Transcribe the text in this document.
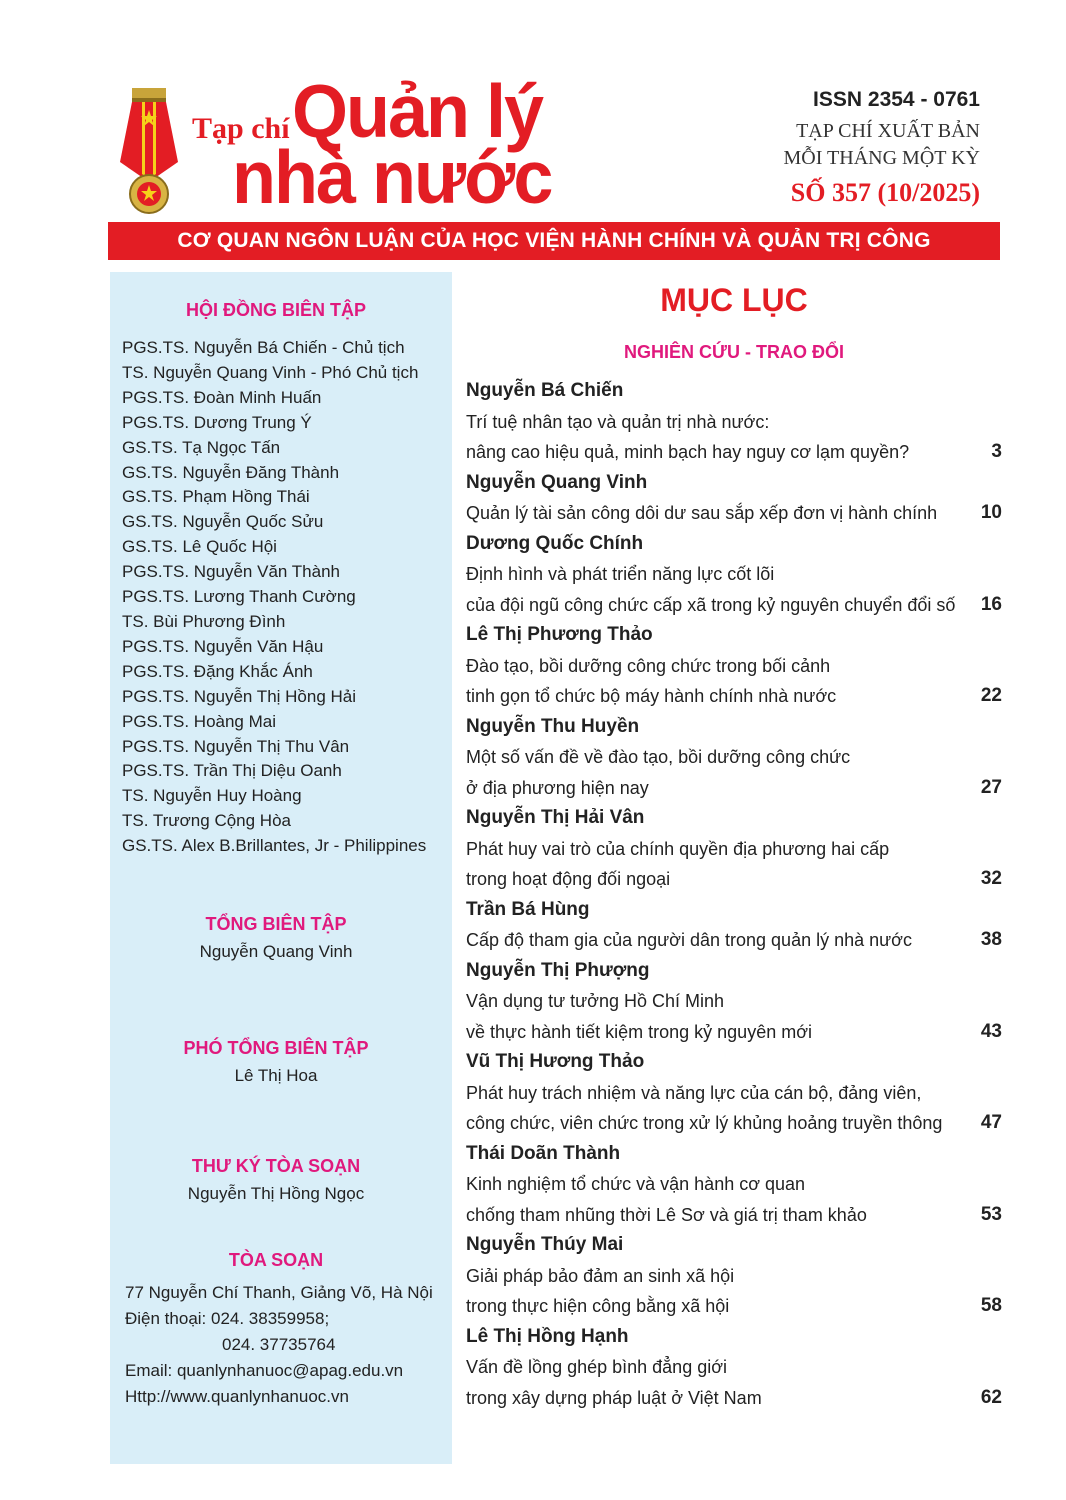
Tạp chí Quản lý
nhà nước
ISSN 2354 - 0761
TẠP CHÍ XUẤT BẢN
MỖI THÁNG MỘT KỲ
SỐ 357 (10/2025)
CƠ QUAN NGÔN LUẬN CỦA HỌC VIỆN HÀNH CHÍNH VÀ QUẢN TRỊ CÔNG
HỘI ĐỒNG BIÊN TẬP
PGS.TS. Nguyễn Bá Chiến - Chủ tịch
TS. Nguyễn Quang Vinh - Phó Chủ tịch
PGS.TS. Đoàn Minh Huấn
PGS.TS. Dương Trung Ý
GS.TS. Tạ Ngọc Tấn
GS.TS. Nguyễn Đăng Thành
GS.TS. Phạm Hồng Thái
GS.TS. Nguyễn Quốc Sửu
GS.TS. Lê Quốc Hội
PGS.TS. Nguyễn Văn Thành
PGS.TS. Lương Thanh Cường
TS. Bùi Phương Đình
PGS.TS. Nguyễn Văn Hậu
PGS.TS. Đặng Khắc Ánh
PGS.TS. Nguyễn Thị Hồng Hải
PGS.TS. Hoàng Mai
PGS.TS. Nguyễn Thị Thu Vân
PGS.TS. Trần Thị Diệu Oanh
TS. Nguyễn Huy Hoàng
TS. Trương Cộng Hòa
GS.TS. Alex B.Brillantes, Jr - Philippines
TỔNG BIÊN TẬP
Nguyễn Quang Vinh
PHÓ TỔNG BIÊN TẬP
Lê Thị Hoa
THƯ KÝ TÒA SOẠN
Nguyễn Thị Hồng Ngọc
TÒA SOẠN
77 Nguyễn Chí Thanh, Giảng Võ, Hà Nội
Điện thoại: 024. 38359958;
024. 37735764
Email: quanlynhanuoc@apag.edu.vn
Http://www.quanlynhanuoc.vn
MỤC LỤC
NGHIÊN CỨU - TRAO ĐỔI
Nguyễn Bá Chiến
Trí tuệ nhân tạo và quản trị nhà nước:
nâng cao hiệu quả, minh bạch hay nguy cơ lạm quyền?	3
Nguyễn Quang Vinh
Quản lý tài sản công dôi dư sau sắp xếp đơn vị hành chính 10
Dương Quốc Chính
Định hình và phát triển năng lực cốt lõi
của đội ngũ công chức cấp xã trong kỷ nguyên chuyển đổi số 16
Lê Thị Phương Thảo
Đào tạo, bồi dưỡng công chức trong bối cảnh
tinh gọn tổ chức bộ máy hành chính nhà nước	22
Nguyễn Thu Huyền
Một số vấn đề về đào tạo, bồi dưỡng công chức
ở địa phương hiện nay	27
Nguyễn Thị Hải Vân
Phát huy vai trò của chính quyền địa phương hai cấp
trong hoạt động đối ngoại	32
Trần Bá Hùng
Cấp độ tham gia của người dân trong quản lý nhà nước	38
Nguyễn Thị Phượng
Vận dụng tư tưởng Hồ Chí Minh
về thực hành tiết kiệm trong kỷ nguyên mới	43
Vũ Thị Hương Thảo
Phát huy trách nhiệm và năng lực của cán bộ, đảng viên,
công chức, viên chức trong xử lý khủng hoảng truyền thông 47
Thái Doãn Thành
Kinh nghiệm tổ chức và vận hành cơ quan
chống tham nhũng thời Lê Sơ và giá trị tham khảo	53
Nguyễn Thúy Mai
Giải pháp bảo đảm an sinh xã hội
trong thực hiện công bằng xã hội	58
Lê Thị Hồng Hạnh
Vấn đề lồng ghép bình đẳng giới
trong xây dựng pháp luật ở Việt Nam	62
